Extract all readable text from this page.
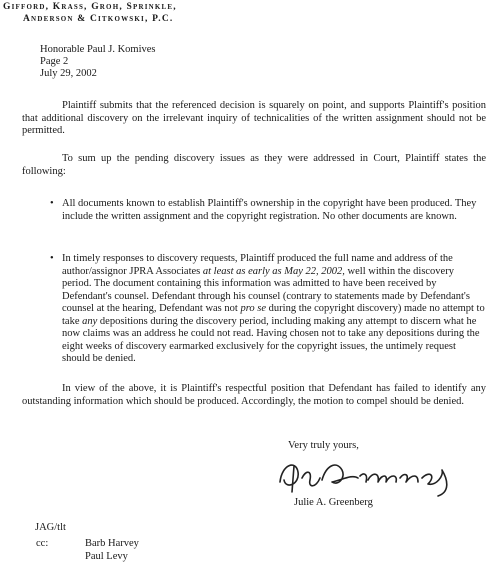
Gifford, Krass, Groh, Sprinkle,
Anderson & Citkowski, P.C.
Honorable Paul J. Komives
Page 2
July 29, 2002
Plaintiff submits that the referenced decision is squarely on point, and supports Plaintiff's position that additional discovery on the irrelevant inquiry of technicalities of the written assignment should not be permitted.
To sum up the pending discovery issues as they were addressed in Court, Plaintiff states the following:
• All documents known to establish Plaintiff's ownership in the copyright have been produced. They include the written assignment and the copyright registration. No other documents are known.
• In timely responses to discovery requests, Plaintiff produced the full name and address of the author/assignor JPRA Associates at least as early as May 22, 2002, well within the discovery period. The document containing this information was admitted to have been received by Defendant's counsel. Defendant through his counsel (contrary to statements made by Defendant's counsel at the hearing, Defendant was not pro se during the copyright discovery) made no attempt to take any depositions during the discovery period, including making any attempt to discern what he now claims was an address he could not read. Having chosen not to take any depositions during the eight weeks of discovery earmarked exclusively for the copyright issues, the untimely request should be denied.
In view of the above, it is Plaintiff's respectful position that Defendant has failed to identify any outstanding information which should be produced. Accordingly, the motion to compel should be denied.
Very truly yours,
Julie A. Greenberg
JAG/tlt
cc:	Barb Harvey
Paul Levy
